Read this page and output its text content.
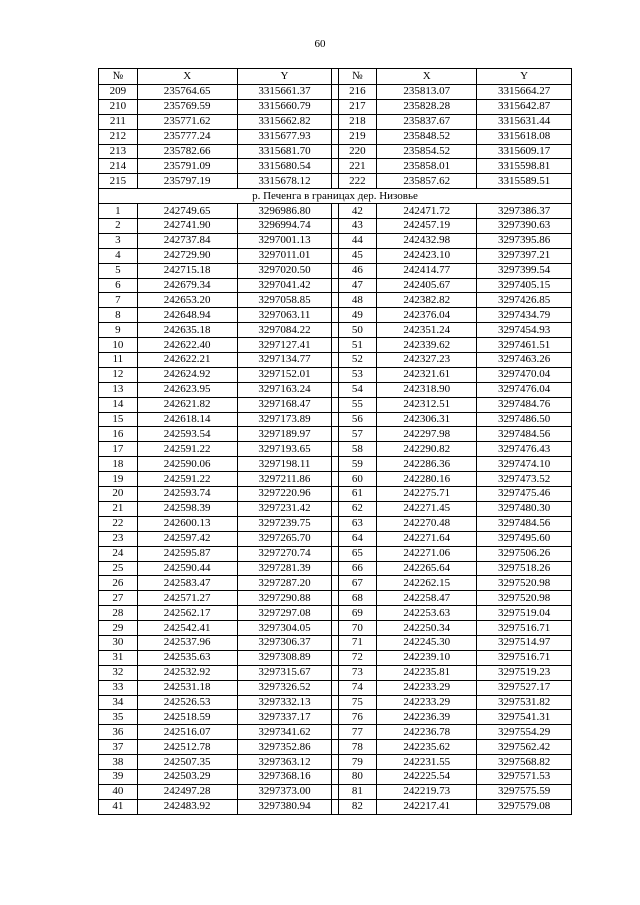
60
№	X	Y		№	X	Y
209	235764.65	3315661.37		216	235813.07	3315664.27
210	235769.59	3315660.79		217	235828.28	3315642.87
211	235771.62	3315662.82		218	235837.67	3315631.44
212	235777.24	3315677.93		219	235848.52	3315618.08
213	235782.66	3315681.70		220	235854.52	3315609.17
214	235791.09	3315680.54		221	235858.01	3315598.81
215	235797.19	3315678.12		222	235857.62	3315589.51
р. Печенга в границах дер. Низовье						
1	242749.65	3296986.80		42	242471.72	3297386.37
2	242741.90	3296994.74		43	242457.19	3297390.63
3	242737.84	3297001.13		44	242432.98	3297395.86
4	242729.90	3297011.01		45	242423.10	3297397.21
5	242715.18	3297020.50		46	242414.77	3297399.54
6	242679.34	3297041.42		47	242405.67	3297405.15
7	242653.20	3297058.85		48	242382.82	3297426.85
8	242648.94	3297063.11		49	242376.04	3297434.79
9	242635.18	3297084.22		50	242351.24	3297454.93
10	242622.40	3297127.41		51	242339.62	3297461.51
11	242622.21	3297134.77		52	242327.23	3297463.26
12	242624.92	3297152.01		53	242321.61	3297470.04
13	242623.95	3297163.24		54	242318.90	3297476.04
14	242621.82	3297168.47		55	242312.51	3297484.76
15	242618.14	3297173.89		56	242306.31	3297486.50
16	242593.54	3297189.97		57	242297.98	3297484.56
17	242591.22	3297193.65		58	242290.82	3297476.43
18	242590.06	3297198.11		59	242286.36	3297474.10
19	242591.22	3297211.86		60	242280.16	3297473.52
20	242593.74	3297220.96		61	242275.71	3297475.46
21	242598.39	3297231.42		62	242271.45	3297480.30
22	242600.13	3297239.75		63	242270.48	3297484.56
23	242597.42	3297265.70		64	242271.64	3297495.60
24	242595.87	3297270.74		65	242271.06	3297506.26
25	242590.44	3297281.39		66	242265.64	3297518.26
26	242583.47	3297287.20		67	242262.15	3297520.98
27	242571.27	3297290.88		68	242258.47	3297520.98
28	242562.17	3297297.08		69	242253.63	3297519.04
29	242542.41	3297304.05		70	242250.34	3297516.71
30	242537.96	3297306.37		71	242245.30	3297514.97
31	242535.63	3297308.89		72	242239.10	3297516.71
32	242532.92	3297315.67		73	242235.81	3297519.23
33	242531.18	3297326.52		74	242233.29	3297527.17
34	242526.53	3297332.13		75	242233.29	3297531.82
35	242518.59	3297337.17		76	242236.39	3297541.31
36	242516.07	3297341.62		77	242236.78	3297554.29
37	242512.78	3297352.86		78	242235.62	3297562.42
38	242507.35	3297363.12		79	242231.55	3297568.82
39	242503.29	3297368.16		80	242225.54	3297571.53
40	242497.28	3297373.00		81	242219.73	3297575.59
41	242483.92	3297380.94		82	242217.41	3297579.08
